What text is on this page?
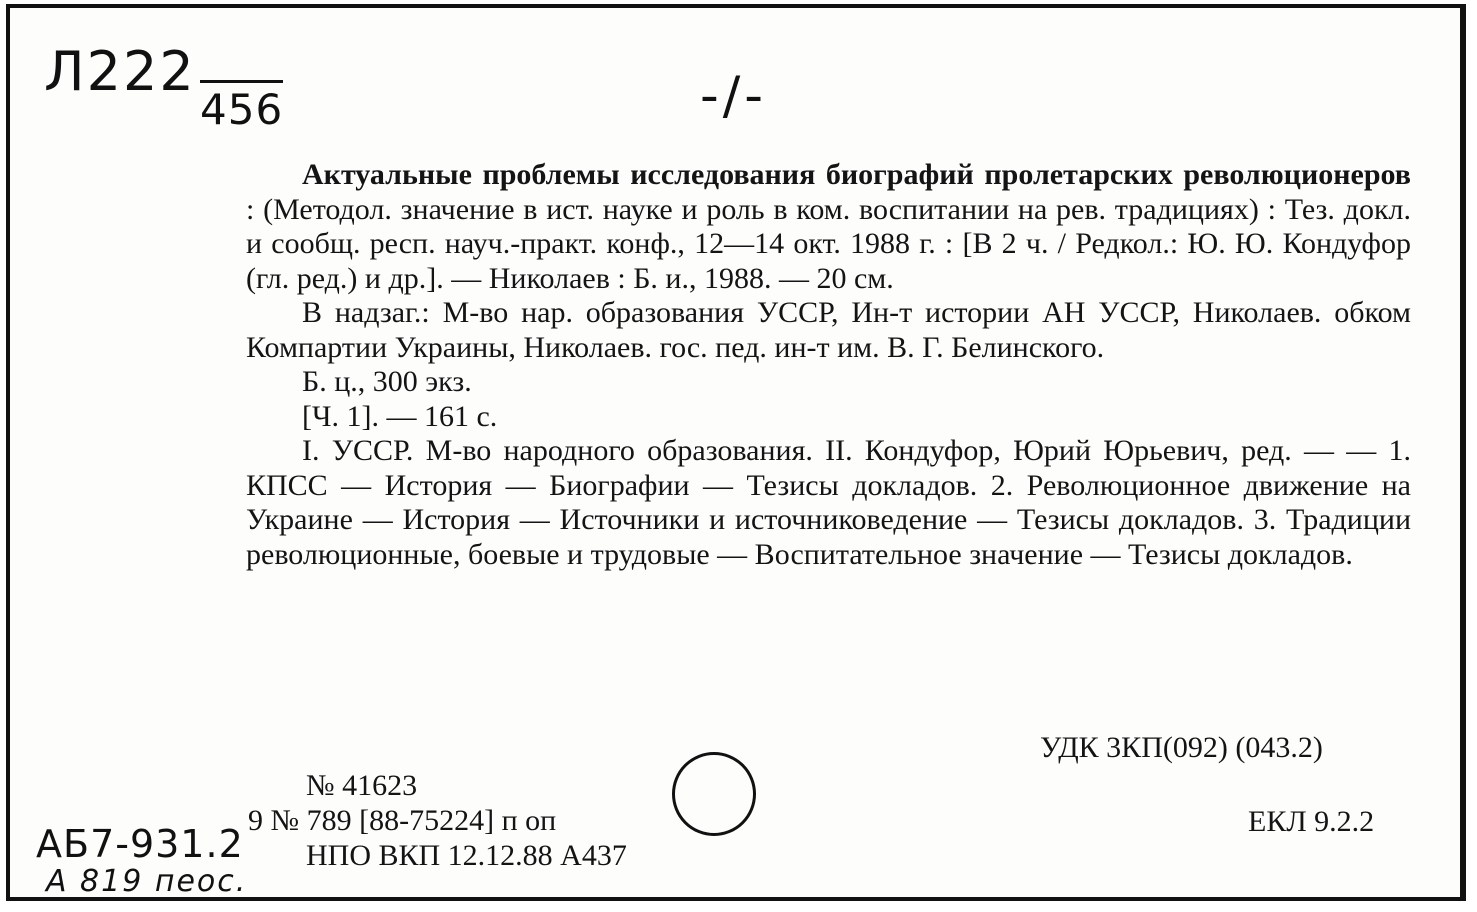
Л222
456	-/-

Актуальные проблемы исследования биографий пролетарских революционеров : (Методол. значение в ист. науке и роль в ком. воспитании на рев. традициях) : Тез. докл. и сообщ. респ. науч.-практ. конф., 12—14 окт. 1988 г. : [В 2 ч. / Редкол.: Ю. Ю. Кондуфор (гл. ред.) и др.]. — Николаев : Б. и., 1988. — 20 см.

В надзаг.: М-во нар. образования УССР, Ин-т истории АН УССР, Николаев. обком Компартии Украины, Николаев. гос. пед. ин-т им. В. Г. Белинского.

Б. ц., 300 экз.

[Ч. 1]. — 161 с.

I. УССР. М-во народного образования. II. Кондуфор, Юрий Юрьевич, ред. — — 1. КПСС — История — Биографии — Тезисы докладов. 2. Революционное движение на Украине — История — Источники и источниковедение — Тезисы докладов. 3. Традиции революционные, боевые и трудовые — Воспитательное значение — Тезисы докладов.

УДК 3КП(092) (043.2)
ЕКЛ 9.2.2
№ 41623
9 № 789 [88-75224] п оп
НПО ВКП 12.12.88 А437
АБ7-931.2
А 819 пеос.
